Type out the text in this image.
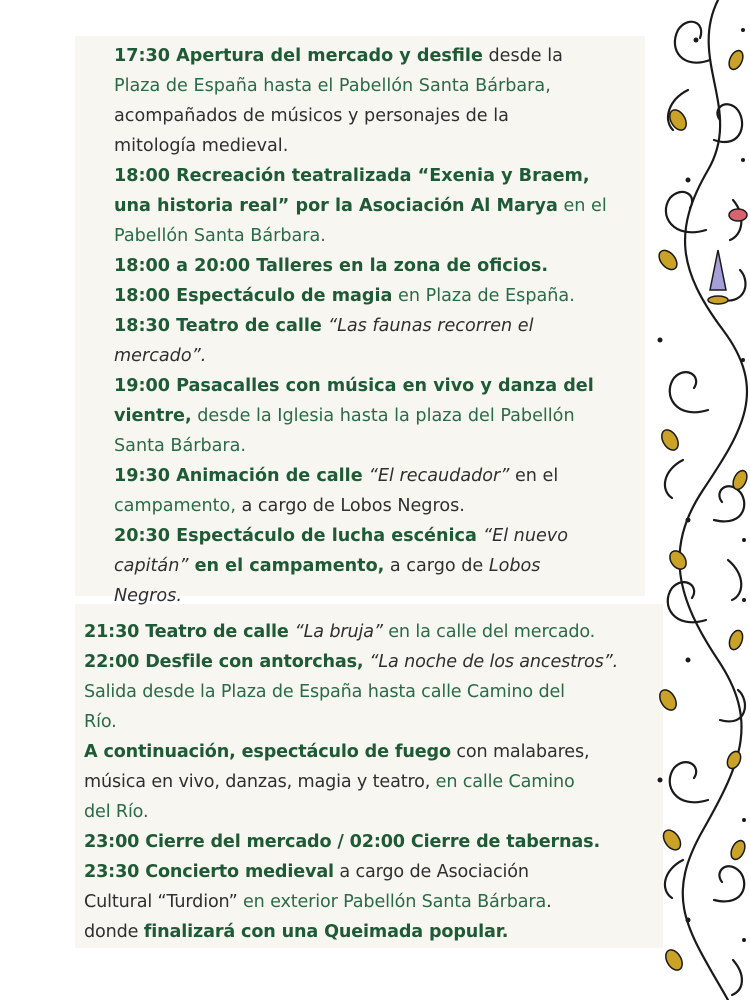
17:30 Apertura del mercado y desfile desde la
Plaza de España hasta el Pabellón Santa Bárbara,
acompañados de músicos y personajes de la
mitología medieval.
18:00 Recreación teatralizada “Exenia y Braem,
una historia real” por la Asociación Al Marya en el
Pabellón Santa Bárbara.
18:00 a 20:00 Talleres en la zona de oficios.
18:00 Espectáculo de magia en Plaza de España.
18:30 Teatro de calle “Las faunas recorren el
mercado”.
19:00 Pasacalles con música en vivo y danza del
vientre, desde la Iglesia hasta la plaza del Pabellón
Santa Bárbara.
19:30 Animación de calle “El recaudador” en el
campamento, a cargo de Lobos Negros.
20:30 Espectáculo de lucha escénica “El nuevo
capitán” en el campamento, a cargo de Lobos
Negros.
21:30 Teatro de calle “La bruja” en la calle del mercado.
22:00 Desfile con antorchas, “La noche de los ancestros”.
Salida desde la Plaza de España hasta calle Camino del
Río.
A continuación, espectáculo de fuego con malabares,
música en vivo, danzas, magia y teatro, en calle Camino
del Río.
23:00 Cierre del mercado / 02:00 Cierre de tabernas.
23:30 Concierto medieval a cargo de Asociación
Cultural “Turdion” en exterior Pabellón Santa Bárbara.
donde finalizará con una Queimada popular.
